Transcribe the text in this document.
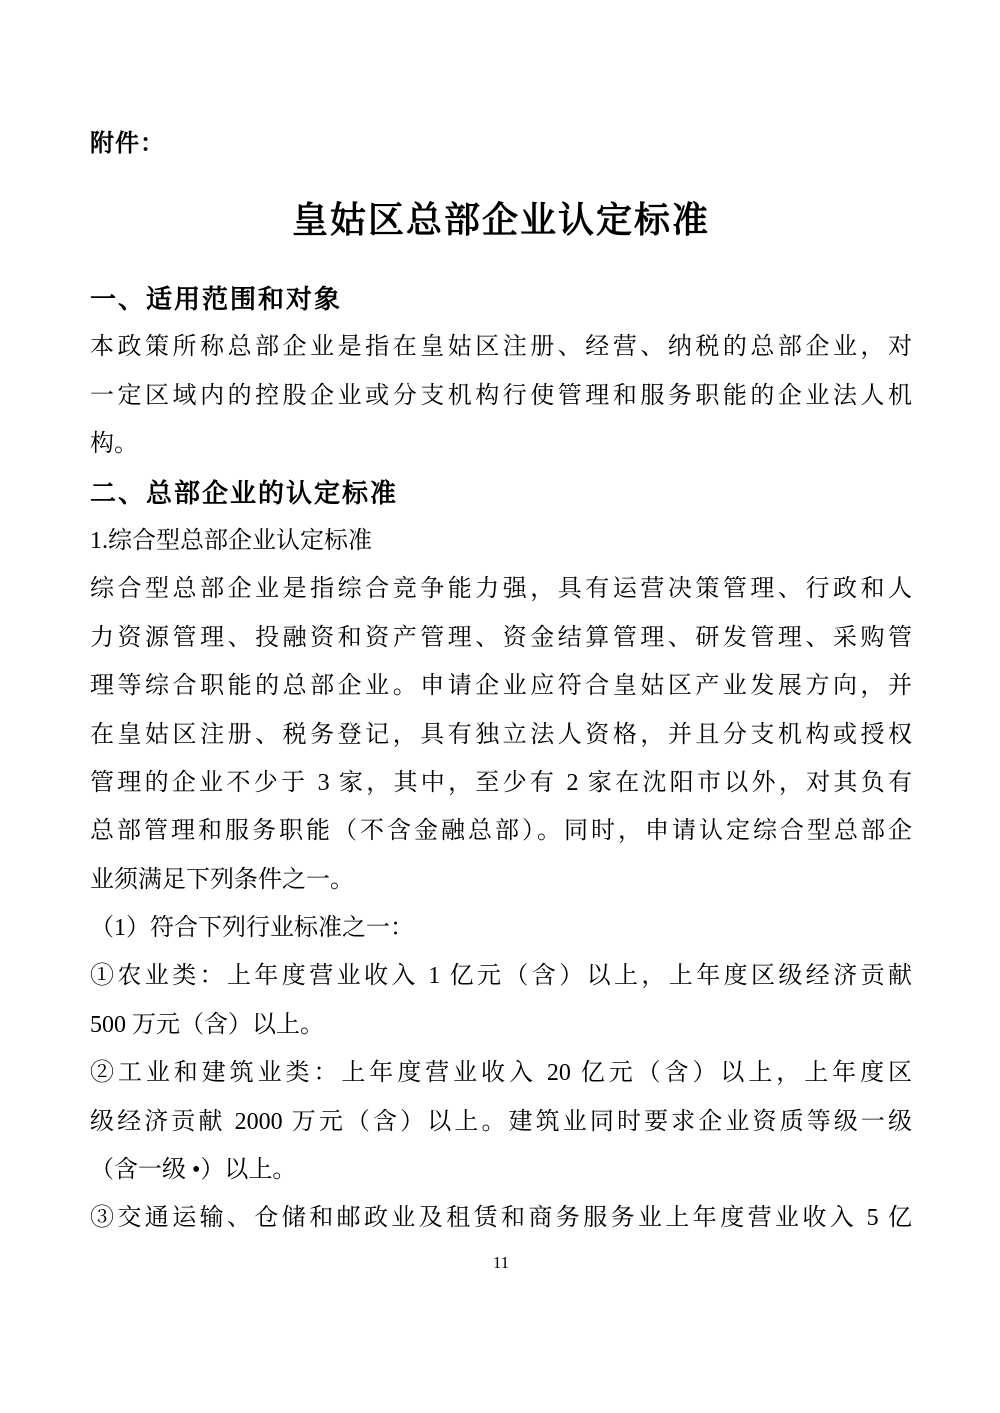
附件：
皇姑区总部企业认定标准
一、适用范围和对象
本政策所称总部企业是指在皇姑区注册、经营、纳税的总部企业，对
一定区域内的控股企业或分支机构行使管理和服务职能的企业法人机
构。
二、总部企业的认定标准
1.综合型总部企业认定标准
综合型总部企业是指综合竞争能力强，具有运营决策管理、行政和人
力资源管理、投融资和资产管理、资金结算管理、研发管理、采购管
理等综合职能的总部企业。申请企业应符合皇姑区产业发展方向，并
在皇姑区注册、税务登记，具有独立法人资格，并且分支机构或授权
管理的企业不少于 3 家，其中，至少有 2 家在沈阳市以外，对其负有
总部管理和服务职能（不含金融总部）。同时，申请认定综合型总部企
业须满足下列条件之一。
（1）符合下列行业标准之一：
①农业类：上年度营业收入 1 亿元（含）以上，上年度区级经济贡献
500 万元（含）以上。
②工业和建筑业类：上年度营业收入 20 亿元（含）以上，上年度区
级经济贡献 2000 万元（含）以上。建筑业同时要求企业资质等级一级
（含一级 •）以上。
③交通运输、仓储和邮政业及租赁和商务服务业上年度营业收入 5 亿
11
